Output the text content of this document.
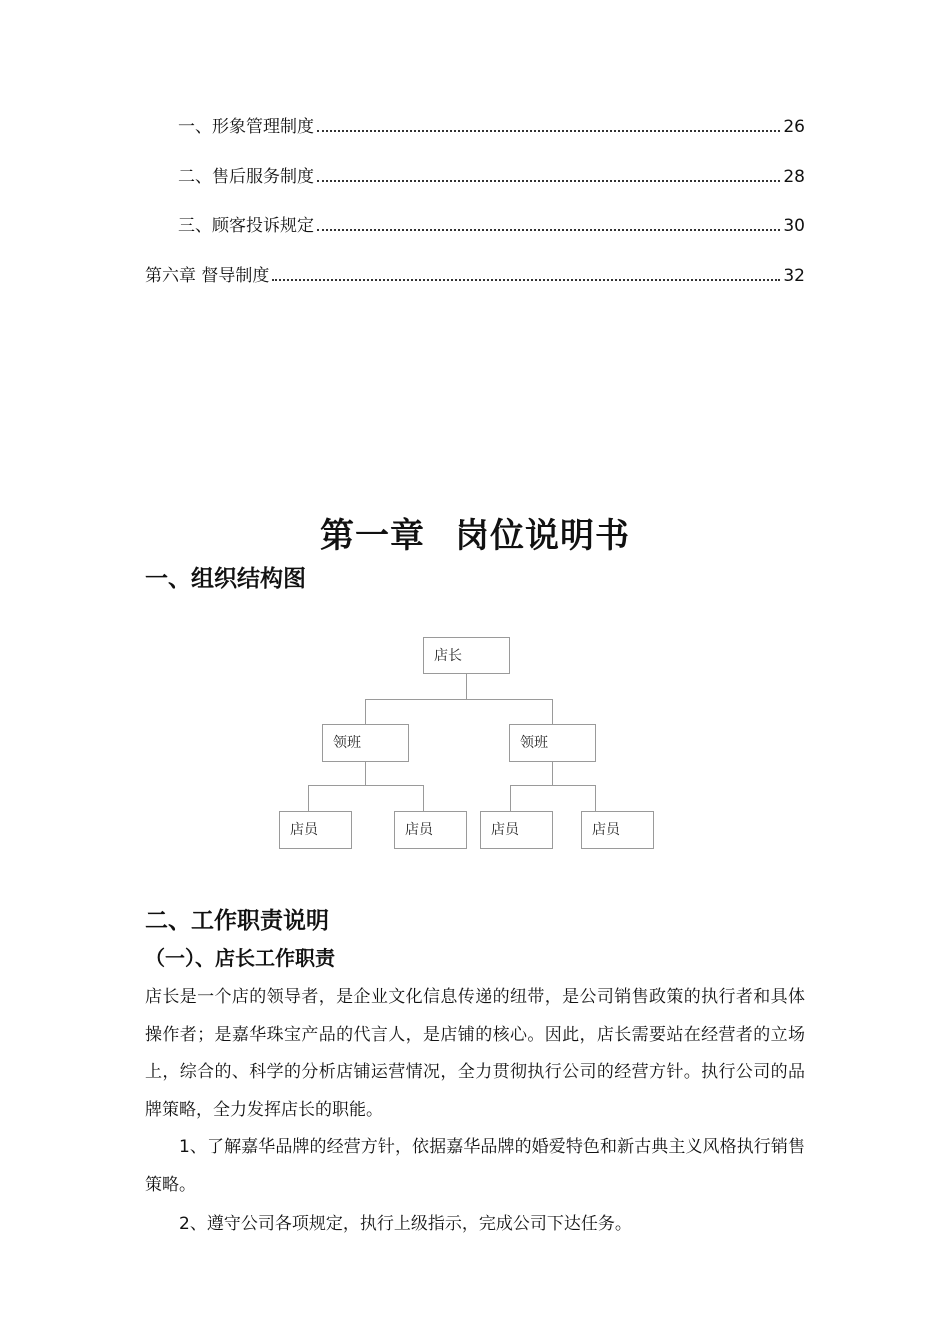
一、形象管理制度	26
二、售后服务制度	28
三、顾客投诉规定	30
第六章 督导制度	32
第一章 岗位说明书
一、组织结构图
店长
领班	领班
店员	店员	店员	店员
二、工作职责说明
（一）、店长工作职责
店长是一个店的领导者，是企业文化信息传递的纽带，是公司销售政策的执行者和具体操作者；是嘉华珠宝产品的代言人，是店铺的核心。因此，店长需要站在经营者的立场上，综合的、科学的分析店铺运营情况，全力贯彻执行公司的经营方针。执行公司的品牌策略，全力发挥店长的职能。
1、了解嘉华品牌的经营方针，依据嘉华品牌的婚爱特色和新古典主义风格执行销售策略。
2、遵守公司各项规定，执行上级指示，完成公司下达任务。
